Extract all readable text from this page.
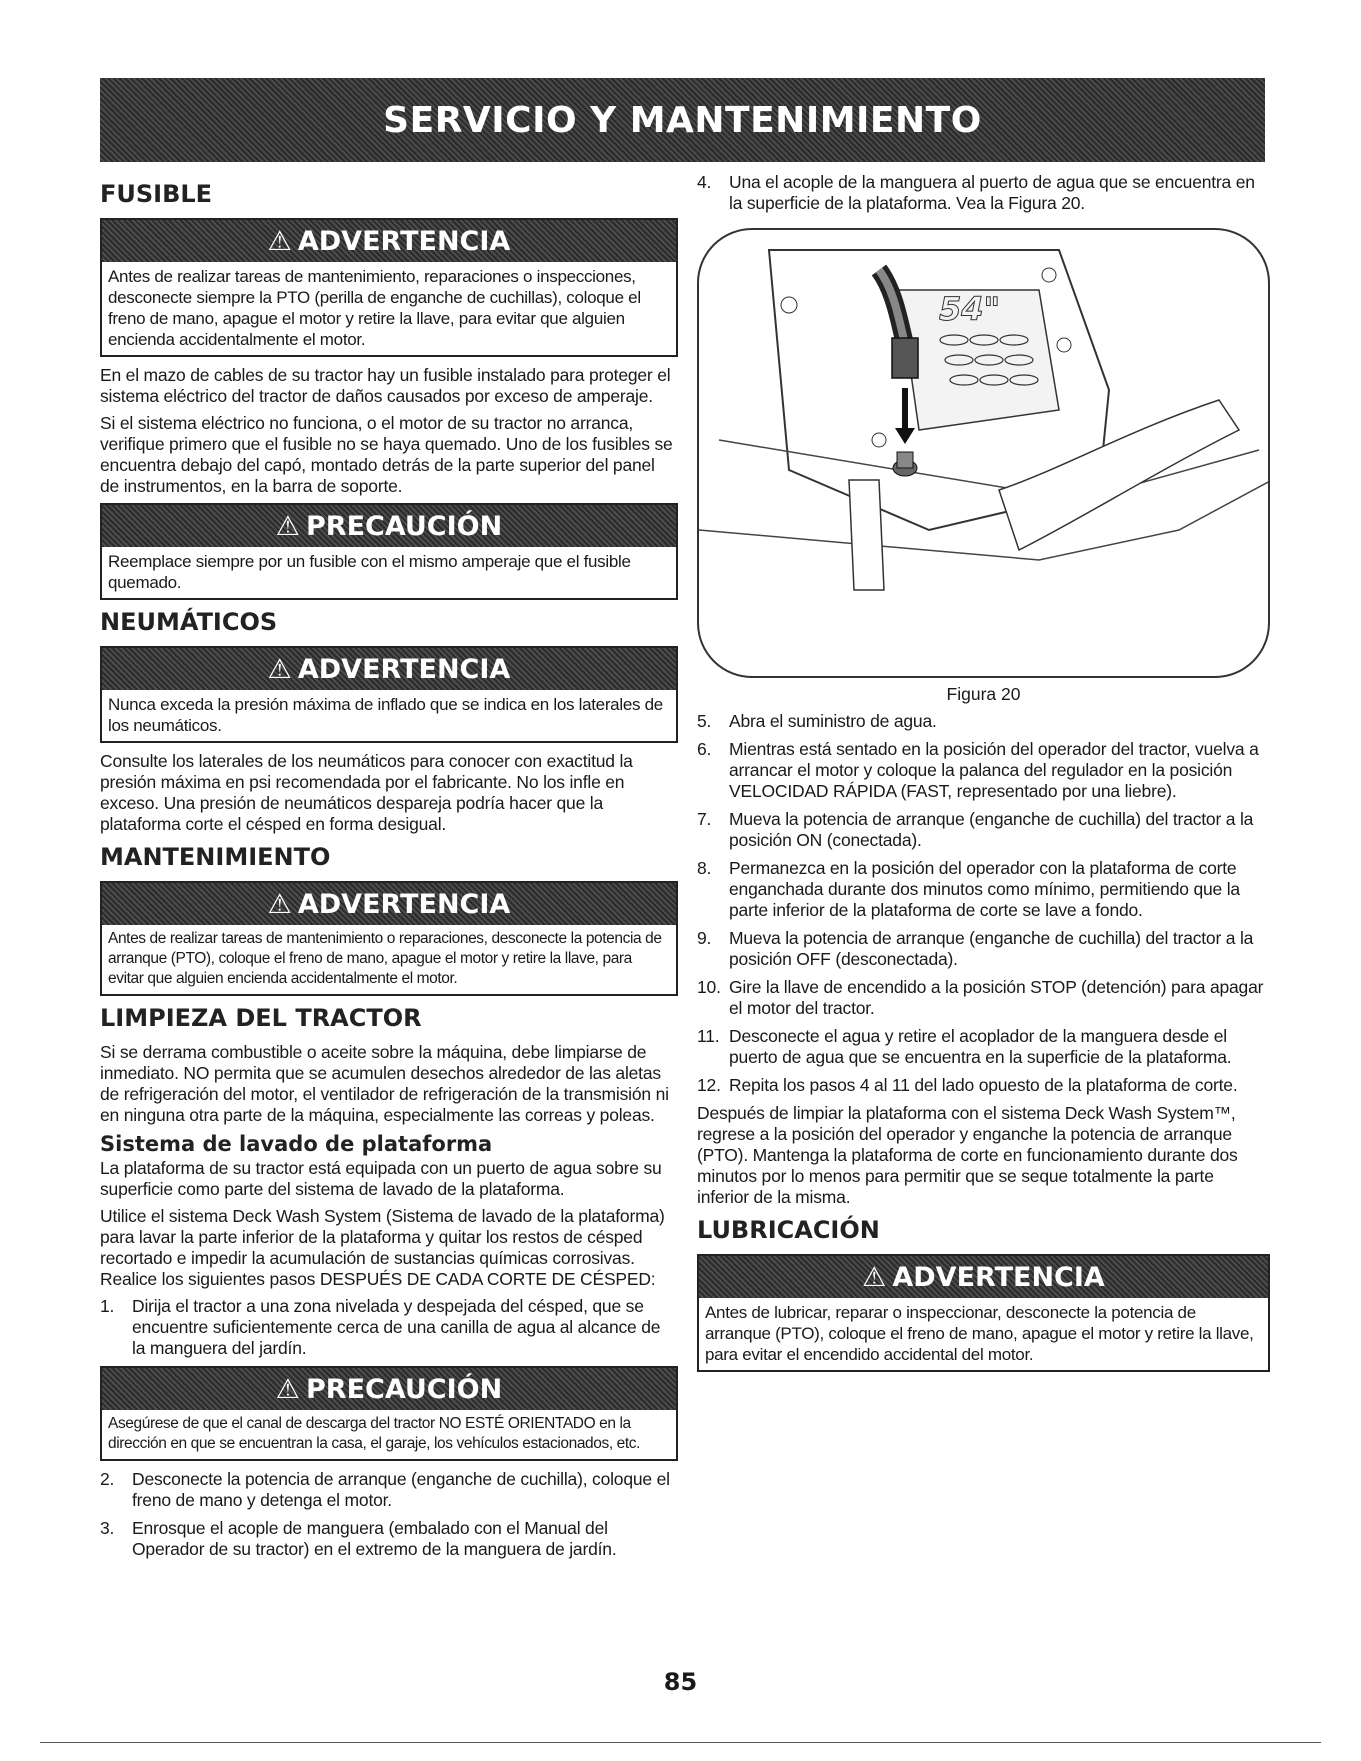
SERVICIO Y MANTENIMIENTO
FUSIBLE
⚠ ADVERTENCIA
Antes de realizar tareas de mantenimiento, reparaciones o inspecciones, desconecte siempre la PTO (perilla de enganche de cuchillas), coloque el freno de mano, apague el motor y retire la llave, para evitar que alguien encienda accidentalmente el motor.

En el mazo de cables de su tractor hay un fusible instalado para proteger el sistema eléctrico del tractor de daños causados por exceso de amperaje.

Si el sistema eléctrico no funciona, o el motor de su tractor no arranca, verifique primero que el fusible no se haya quemado. Uno de los fusibles se encuentra debajo del capó, montado detrás de la parte superior del panel de instrumentos, en la barra de soporte.

⚠ PRECAUCIÓN
Reemplace siempre por un fusible con el mismo amperaje que el fusible quemado.
NEUMÁTICOS
⚠ ADVERTENCIA
Nunca exceda la presión máxima de inflado que se indica en los laterales de los neumáticos.

Consulte los laterales de los neumáticos para conocer con exactitud la presión máxima en psi recomendada por el fabricante. No los infle en exceso. Una presión de neumáticos despareja podría hacer que la plataforma corte el césped en forma desigual.

MANTENIMIENTO
⚠ ADVERTENCIA
Antes de realizar tareas de mantenimiento o reparaciones, desconecte la potencia de arranque (PTO), coloque el freno de mano, apague el motor y retire la llave, para evitar que alguien encienda accidentalmente el motor.
LIMPIEZA DEL TRACTOR

Si se derrama combustible o aceite sobre la máquina, debe limpiarse de inmediato. NO permita que se acumulen desechos alrededor de las aletas de refrigeración del motor, el ventilador de refrigeración de la transmisión ni en ninguna otra parte de la máquina, especialmente las correas y poleas.

Sistema de lavado de plataforma

La plataforma de su tractor está equipada con un puerto de agua sobre su superficie como parte del sistema de lavado de la plataforma.

Utilice el sistema Deck Wash System (Sistema de lavado de la plataforma) para lavar la parte inferior de la plataforma y quitar los restos de césped recortado e impedir la acumulación de sustancias químicas corrosivas. Realice los siguientes pasos DESPUÉS DE CADA CORTE DE CÉSPED:

1.	Dirija el tractor a una zona nivelada y despejada del césped, que se encuentre suficientemente cerca de una canilla de agua al alcance de la manguera del jardín.
⚠ PRECAUCIÓN
Asegúrese de que el canal de descarga del tractor NO ESTÉ ORIENTADO en la dirección en que se encuentran la casa, el garaje, los vehículos estacionados, etc.
2.	Desconecte la potencia de arranque (enganche de cuchilla), coloque el freno de mano y detenga el motor.
3.	Enrosque el acople de manguera (embalado con el Manual del Operador de su tractor) en el extremo de la manguera de jardín.
4.	Una el acople de la manguera al puerto de agua que se encuentra en la superficie de la plataforma. Vea la Figura 20.
54"
Figura 20
5.	Abra el suministro de agua.
6.	Mientras está sentado en la posición del operador del tractor, vuelva a arrancar el motor y coloque la palanca del regulador en la posición VELOCIDAD RÁPIDA (FAST, representado por una liebre).
7.	Mueva la potencia de arranque (enganche de cuchilla) del tractor a la posición ON (conectada).
8.	Permanezca en la posición del operador con la plataforma de corte enganchada durante dos minutos como mínimo, permitiendo que la parte inferior de la plataforma de corte se lave a fondo.
9.	Mueva la potencia de arranque (enganche de cuchilla) del tractor a la posición OFF (desconectada).
10. Gire la llave de encendido a la posición STOP (detención) para apagar el motor del tractor.
11. Desconecte el agua y retire el acoplador de la manguera desde el puerto de agua que se encuentra en la superficie de la plataforma.
12. Repita los pasos 4 al 11 del lado opuesto de la plataforma de corte.

Después de limpiar la plataforma con el sistema Deck Wash System™, regrese a la posición del operador y enganche la potencia de arranque (PTO). Mantenga la plataforma de corte en funcionamiento durante dos minutos por lo menos para permitir que se seque totalmente la parte inferior de la misma.

LUBRICACIÓN
⚠ ADVERTENCIA
Antes de lubricar, reparar o inspeccionar, desconecte la potencia de arranque (PTO), coloque el freno de mano, apague el motor y retire la llave, para evitar el encendido accidental del motor.
85
